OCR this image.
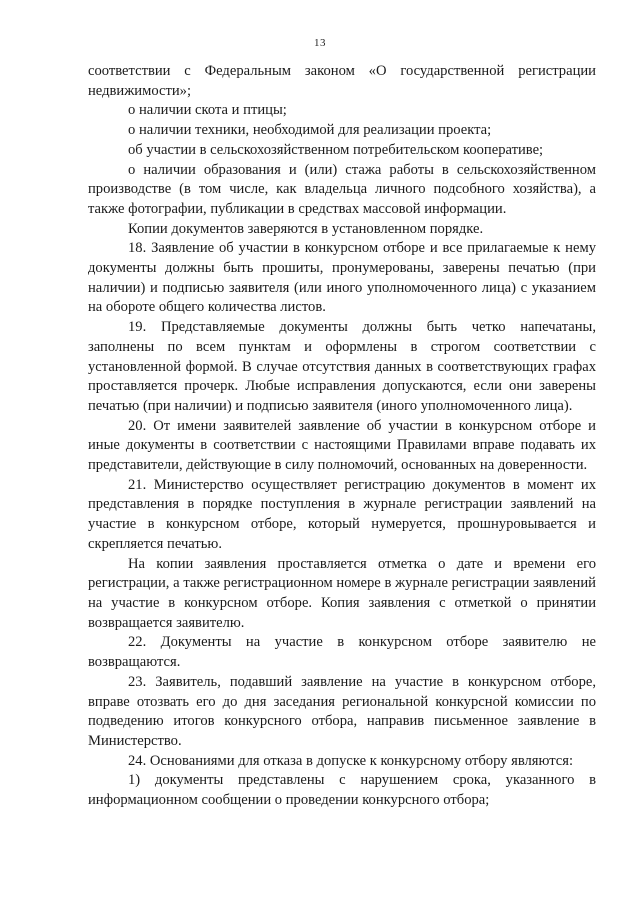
13

соответствии с Федеральным законом «О государственной регистрации недвижимости»;

о наличии скота и птицы;

о наличии техники, необходимой для реализации проекта;

об участии в сельскохозяйственном потребительском кооперативе;

о наличии образования и (или) стажа работы в сельскохозяйственном производстве (в том числе, как владельца личного подсобного хозяйства), а также фотографии, публикации в средствах массовой информации.

Копии документов заверяются в установленном порядке.

18. Заявление об участии в конкурсном отборе и все прилагаемые к нему документы должны быть прошиты, пронумерованы, заверены печатью (при наличии) и подписью заявителя (или иного уполномоченного лица) с указанием на обороте общего количества листов.

19. Представляемые документы должны быть четко напечатаны, заполнены по всем пунктам и оформлены в строгом соответствии с установленной формой. В случае отсутствия данных в соответствующих графах проставляется прочерк. Любые исправления допускаются, если они заверены печатью (при наличии) и подписью заявителя (иного уполномоченного лица).

20. От имени заявителей заявление об участии в конкурсном отборе и иные документы в соответствии с настоящими Правилами вправе подавать их представители, действующие в силу полномочий, основанных на доверенности.

21. Министерство осуществляет регистрацию документов в момент их представления в порядке поступления в журнале регистрации заявлений на участие в конкурсном отборе, который нумеруется, прошнуровывается и скрепляется печатью.

На копии заявления проставляется отметка о дате и времени его регистрации, а также регистрационном номере в журнале регистрации заявлений на участие в конкурсном отборе. Копия заявления с отметкой о принятии возвращается заявителю.

22. Документы на участие в конкурсном отборе заявителю не возвращаются.

23. Заявитель, подавший заявление на участие в конкурсном отборе, вправе отозвать его до дня заседания региональной конкурсной комиссии по подведению итогов конкурсного отбора, направив письменное заявление в Министерство.

24. Основаниями для отказа в допуске к конкурсному отбору являются:

1) документы представлены с нарушением срока, указанного в информационном сообщении о проведении конкурсного отбора;
